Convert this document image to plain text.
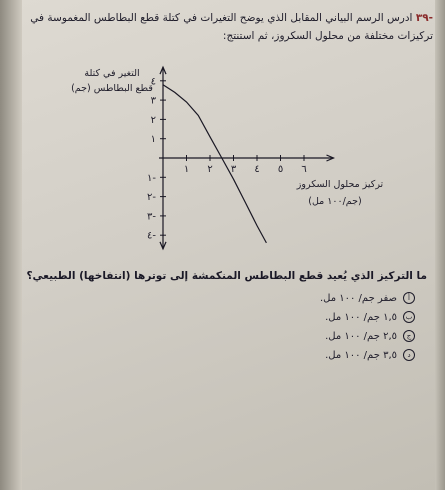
-٣٩ ادرس الرسم البياني المقابل الذي يوضح التغيرات في كتلة قطع البطاطس المغموسة في
تركيزات مختلفة من محلول السكروز، ثم استنتج:
١ ٢ ٣ ٤ ٥ ٦
٤
٣
٢
١
١-
٢-
٣-
٤-
التغير في كتلة
قطع البطاطس (جم)
تركيز محلول السكروز
(جم/١٠٠ مل)
ما التركيز الذي يُعيد قطع البطاطس المنكمشة إلى توترها (انتفاخها) الطبيعي؟
أ
صفر جم/ ١٠٠ مل.
ب
١,٥ جم/ ١٠٠ مل.
ج
٢,٥ جم/ ١٠٠ مل.
د
٣,٥ جم/ ١٠٠ مل.
